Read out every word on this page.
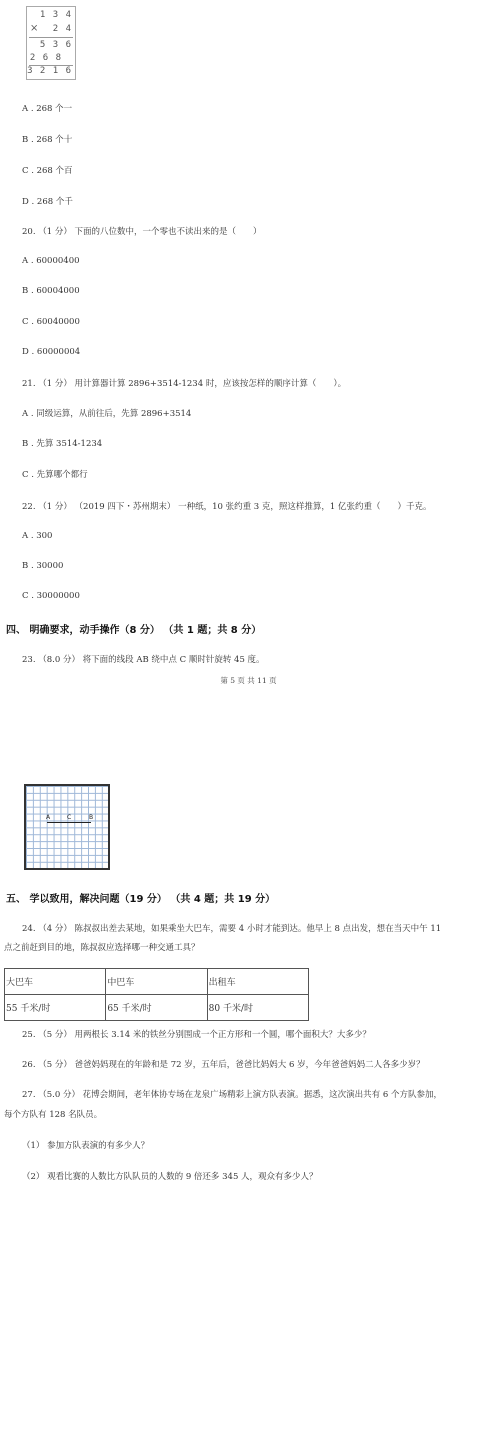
1 3 4
× 2 4
5 3 6
2 6 8
3 2 1 6
A . 268 个一
B . 268 个十
C . 268 个百
D . 268 个千
20. （1 分） 下面的八位数中，一个零也不读出来的是（　　）
A . 60000400
B . 60004000
C . 60040000
D . 60000004
21. （1 分） 用计算器计算 2896+3514-1234 时，应该按怎样的顺序计算（　　）。
A . 同级运算，从前往后，先算 2896+3514
B . 先算 3514-1234
C . 先算哪个都行
22. （1 分） （2019 四下・苏州期末） 一种纸，10 张约重 3 克，照这样推算，1 亿张约重（　　）千克。
A . 300
B . 30000
C . 30000000
四、 明确要求，动手操作（8 分） （共 1 题；共 8 分）
23. （8.0 分） 将下面的线段 AB 绕中点 C 顺时针旋转 45 度。
第 5 页 共 11 页
A	C	B
五、 学以致用，解决问题（19 分） （共 4 题；共 19 分）
24. （4 分） 陈叔叔出差去某地，如果乘坐大巴车，需要 4 小时才能到达。他早上 8 点出发，想在当天中午 11
点之前赶到目的地，陈叔叔应选择哪一种交通工具？
大巴车	中巴车	出租车
55 千米/时	65 千米/时	80 千米/时
25. （5 分） 用两根长 3.14 米的铁丝分别围成一个正方形和一个圆，哪个面积大？大多少？
26. （5 分） 爸爸妈妈现在的年龄和是 72 岁，五年后，爸爸比妈妈大 6 岁，今年爸爸妈妈二人各多少岁？
27. （5.0 分） 花博会期间，老年体协专场在龙泉广场精彩上演方队表演。据悉，这次演出共有 6 个方队参加，
每个方队有 128 名队员。
（1） 参加方队表演的有多少人？
（2） 观看比赛的人数比方队队员的人数的 9 倍还多 345 人，观众有多少人？
